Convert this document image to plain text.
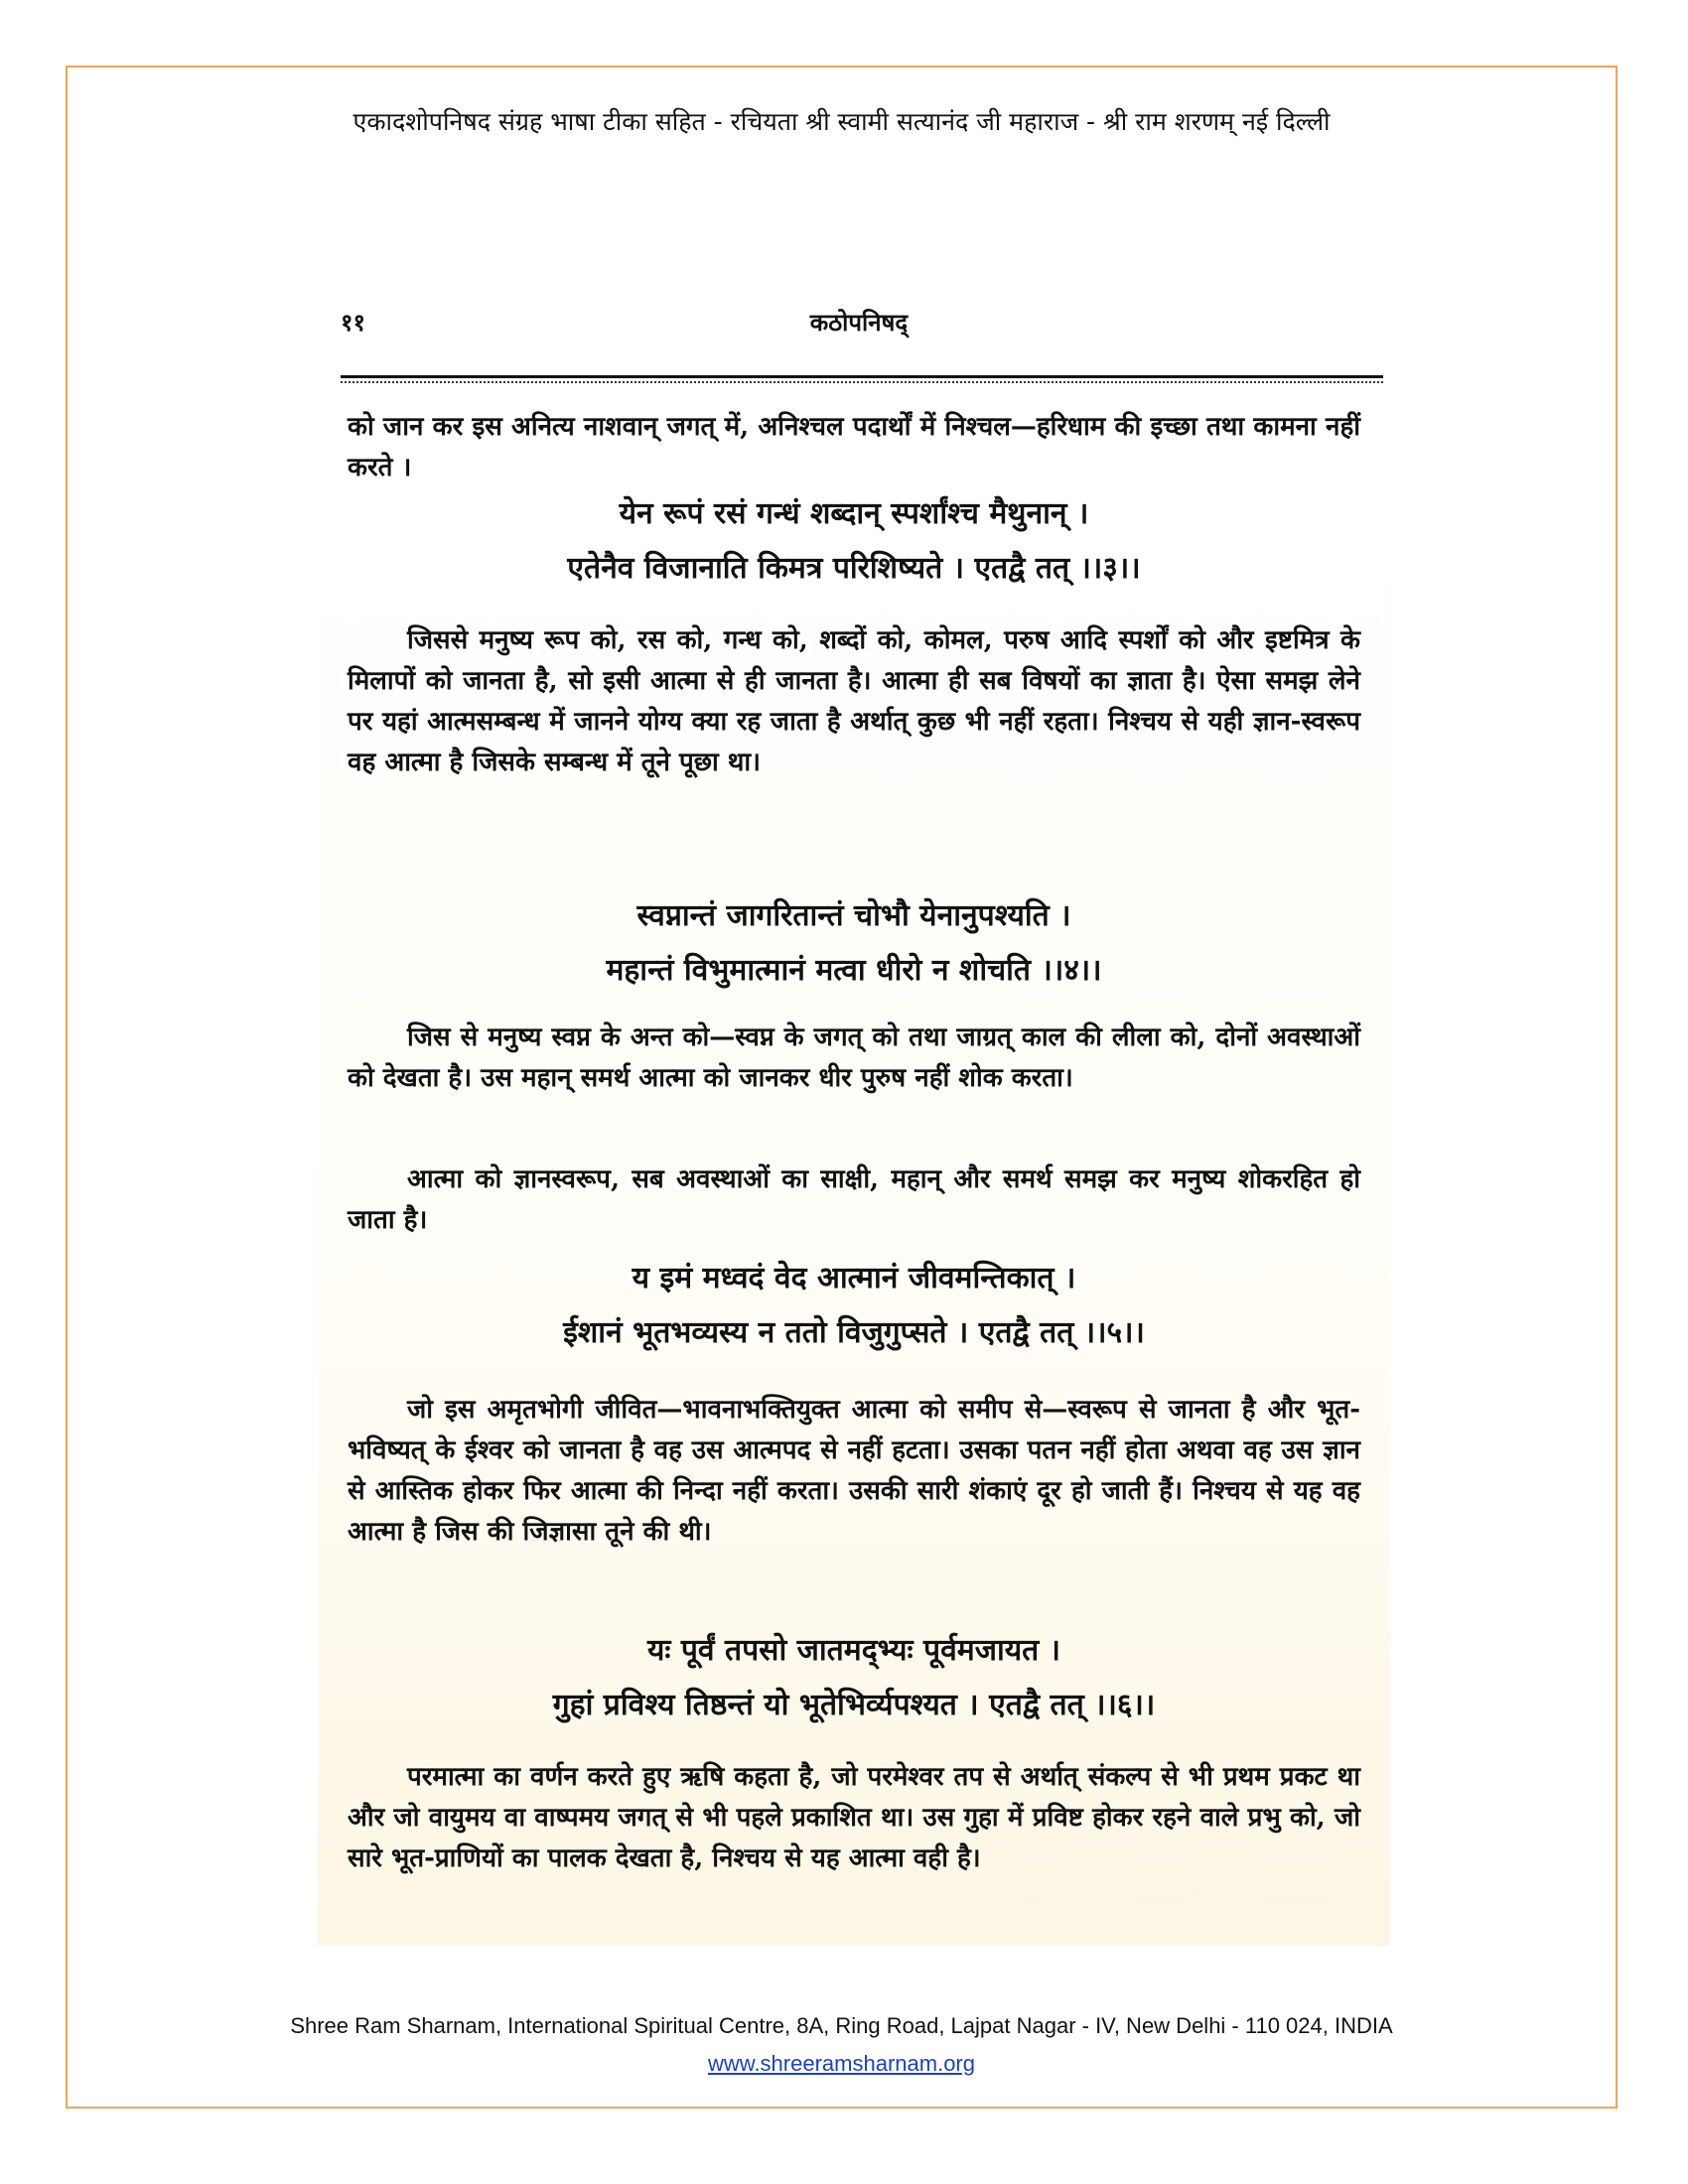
एकादशोपनिषद संग्रह भाषा टीका सहित - रचियता श्री स्वामी सत्यानंद जी महाराज - श्री राम शरणम् नई दिल्ली
११	कठोपनिषद्
को जान कर इस अनित्य नाशवान् जगत् में, अनिश्चल पदार्थों में निश्चल—हरिधाम की इच्छा तथा कामना नहीं करते ।
येन रूपं रसं गन्धं शब्दान् स्पर्शांश्च मैथुनान् ।
एतेनैव विजानाति किमत्र परिशिष्यते । एतद्वै तत् ।।३।।
जिससे मनुष्य रूप को, रस को, गन्ध को, शब्दों को, कोमल, परुष आदि स्पर्शों को और इष्टमित्र के मिलापों को जानता है, सो इसी आत्मा से ही जानता है। आत्मा ही सब विषयों का ज्ञाता है। ऐसा समझ लेने पर यहां आत्मसम्बन्ध में जानने योग्य क्या रह जाता है अर्थात् कुछ भी नहीं रहता। निश्चय से यही ज्ञान-स्वरूप वह आत्मा है जिसके सम्बन्ध में तूने पूछा था।
स्वप्नान्तं जागरितान्तं चोभौ येनानुपश्यति ।
महान्तं विभुमात्मानं मत्वा धीरो न शोचति ।।४।।
जिस से मनुष्य स्वप्न के अन्त को—स्वप्न के जगत् को तथा जाग्रत् काल की लीला को, दोनों अवस्थाओं को देखता है। उस महान् समर्थ आत्मा को जानकर धीर पुरुष नहीं शोक करता।
आत्मा को ज्ञानस्वरूप, सब अवस्थाओं का साक्षी, महान् और समर्थ समझ कर मनुष्य शोकरहित हो जाता है।
य इमं मध्वदं वेद आत्मानं जीवमन्तिकात् ।
ईशानं भूतभव्यस्य न ततो विजुगुप्सते । एतद्वै तत् ।।५।।
जो इस अमृतभोगी जीवित—भावनाभक्तियुक्त आत्मा को समीप से—स्वरूप से जानता है और भूत-भविष्यत् के ईश्वर को जानता है वह उस आत्मपद से नहीं हटता। उसका पतन नहीं होता अथवा वह उस ज्ञान से आस्तिक होकर फिर आत्मा की निन्दा नहीं करता। उसकी सारी शंकाएं दूर हो जाती हैं। निश्चय से यह वह आत्मा है जिस की जिज्ञासा तूने की थी।
यः पूर्वं तपसो जातमद्भ्यः पूर्वमजायत ।
गुहां प्रविश्य तिष्ठन्तं यो भूतेभिर्व्यपश्यत । एतद्वै तत् ।।६।।
परमात्मा का वर्णन करते हुए ऋषि कहता है, जो परमेश्वर तप से अर्थात् संकल्प से भी प्रथम प्रकट था और जो वायुमय वा वाष्पमय जगत् से भी पहले प्रकाशित था। उस गुहा में प्रविष्ट होकर रहने वाले प्रभु को, जो सारे भूत-प्राणियों का पालक देखता है, निश्चय से यह आत्मा वही है।
Shree Ram Sharnam, International Spiritual Centre, 8A, Ring Road, Lajpat Nagar - IV, New Delhi - 110 024, INDIA
www.shreeramsharnam.org
